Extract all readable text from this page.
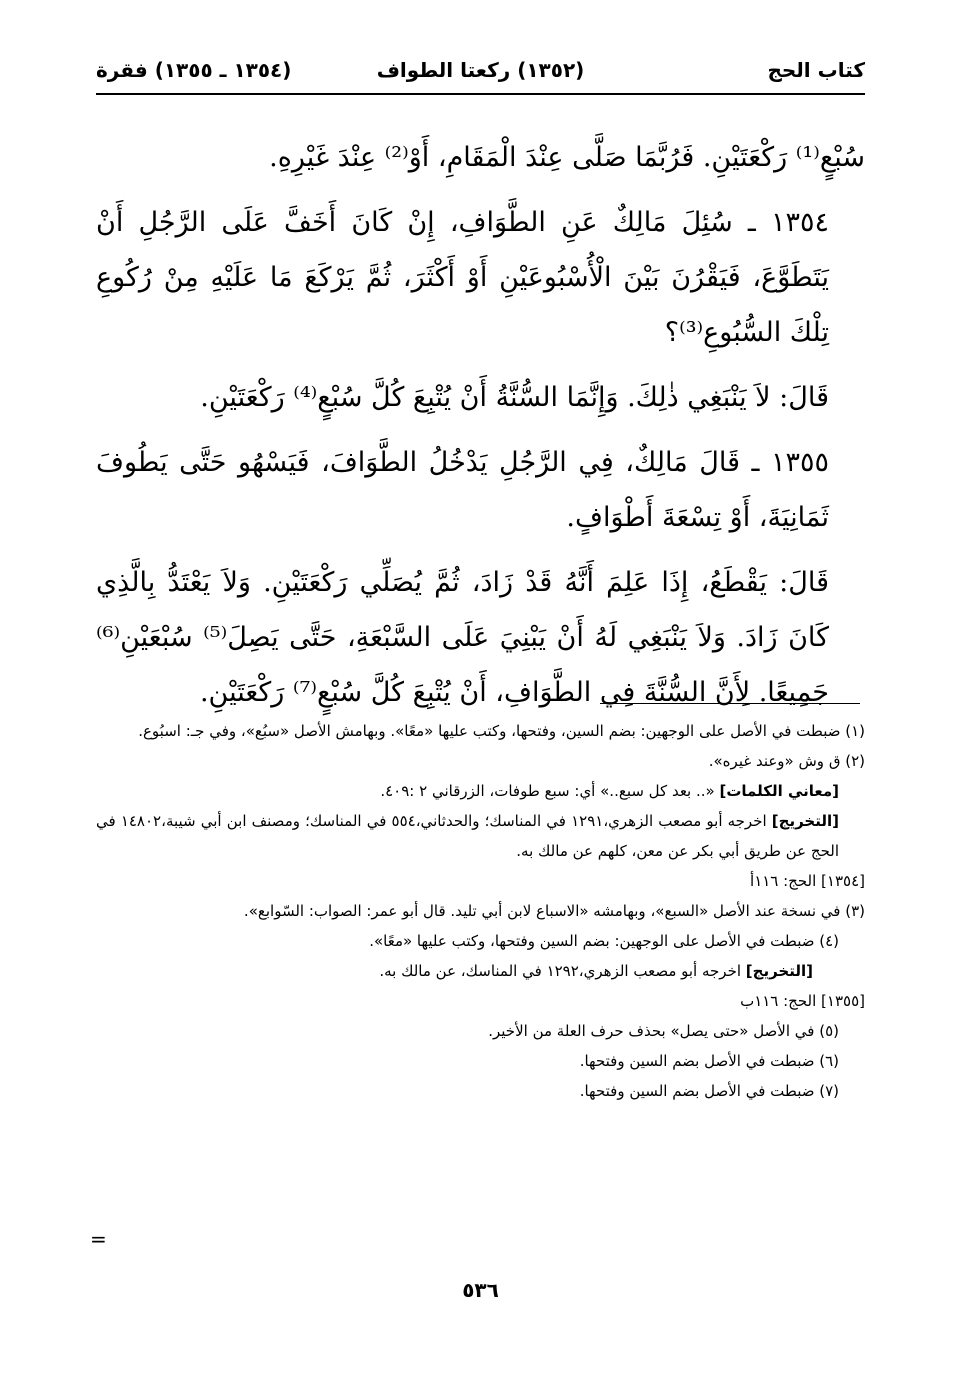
كتاب الحج
(١٣٥٢) ركعتا الطواف
(١٣٥٤ ـ ١٣٥٥) فقرة

سُبْعٍ⁽¹⁾ رَكْعَتَيْنِ. فَرُبَّمَا صَلَّى عِنْدَ الْمَقَامِ، أَوْ⁽²⁾ عِنْدَ غَيْرِهِ.

١٣٥٤ ـ سُئِلَ مَالِكٌ عَنِ الطَّوَافِ، إِنْ كَانَ أَخَفَّ عَلَى الرَّجُلِ أَنْ يَتَطَوَّعَ، فَيَقْرُنَ بَيْنَ الْأُسْبُوعَيْنِ أَوْ أَكْثَرَ، ثُمَّ يَرْكَعَ مَا عَلَيْهِ مِنْ رُكُوعِ تِلْكَ السُّبُوعِ⁽³⁾؟

قَالَ: لاَ يَنْبَغِي ذٰلِكَ. وَإِنَّمَا السُّنَّةُ أَنْ يُتْبِعَ كُلَّ سُبْعٍ⁽⁴⁾ رَكْعَتَيْنِ.

١٣٥٥ ـ قَالَ مَالِكٌ، فِي الرَّجُلِ يَدْخُلُ الطَّوَافَ، فَيَسْهُو حَتَّى يَطُوفَ ثَمَانِيَةَ، أَوْ تِسْعَةَ أَطْوَافٍ.

قَالَ: يَقْطَعُ، إِذَا عَلِمَ أَنَّهُ قَدْ زَادَ، ثُمَّ يُصَلِّي رَكْعَتَيْنِ. وَلاَ يَعْتَدُّ بِالَّذِي كَانَ زَادَ. وَلاَ يَنْبَغِي لَهُ أَنْ يَبْنِيَ عَلَى السَّبْعَةِ، حَتَّى يَصِلَ⁽⁵⁾ سُبْعَيْنِ⁽⁶⁾ جَمِيعًا. لِأَنَّ السُّنَّةَ فِي الطَّوَافِ، أَنْ يُتْبِعَ كُلَّ سُبْعٍ⁽⁷⁾ رَكْعَتَيْنِ.

(١) ضبطت في الأصل على الوجهين: بضم السين، وفتحها، وكتب عليها «معًا». وبهامش الأصل «سبُع»، وفي جـ: اسبُوع.

(٢) ق وش «وعند غيره».

[معاني الكلمات] «.. بعد كل سبع..» أي: سبع طوفات، الزرقاني ٢ :٤٠٩.

[التخريج] اخرجه أبو مصعب الزهري،١٢٩١ في المناسك؛ والحدثاني،٥٥٤ في المناسك؛ ومصنف ابن أبي شيبة،١٤٨٠٢ في الحج عن طريق أبي بكر عن معن، كلهم عن مالك به.

[١٣٥٤] الحج: ١١٦أ

(٣) في نسخة عند الأصل «السبع»، وبهامشه «الاسباع لابن أبي تليد. قال أبو عمر: الصواب: السّوابع».

(٤) ضبطت في الأصل على الوجهين: بضم السين وفتحها، وكتب عليها «معًا».

[التخريج] اخرجه أبو مصعب الزهري،١٢٩٢ في المناسك، عن مالك به.

[١٣٥٥] الحج: ١١٦ب

(٥) في الأصل «حتى يصل» بحذف حرف العلة من الأخير.

(٦) ضبطت في الأصل بضم السين وفتحها.

(٧) ضبطت في الأصل بضم السين وفتحها.

=
٥٣٦
